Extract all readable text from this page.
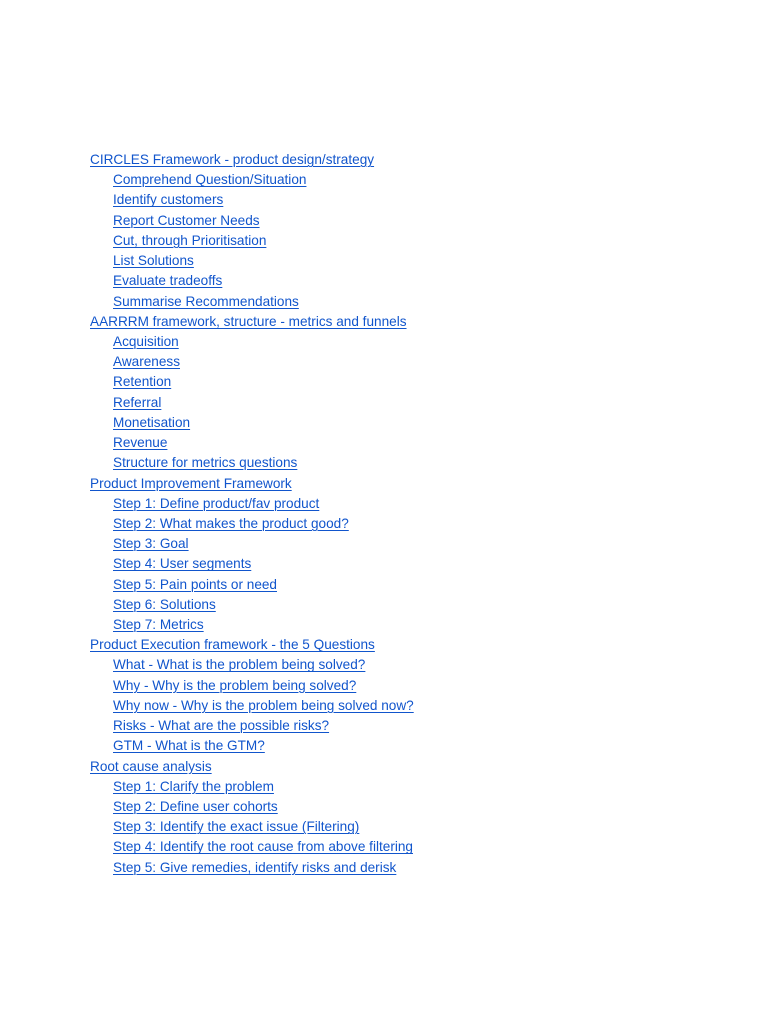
CIRCLES Framework - product design/strategy
Comprehend Question/Situation
Identify customers
Report Customer Needs
Cut, through Prioritisation
List Solutions
Evaluate tradeoffs
Summarise Recommendations
AARRRM framework, structure - metrics and funnels
Acquisition
Awareness
Retention
Referral
Monetisation
Revenue
Structure for metrics questions
Product Improvement Framework
Step 1: Define product/fav product
Step 2: What makes the product good?
Step 3: Goal
Step 4: User segments
Step 5: Pain points or need
Step 6: Solutions
Step 7: Metrics
Product Execution framework - the 5 Questions
What - What is the problem being solved?
Why - Why is the problem being solved?
Why now - Why is the problem being solved now?
Risks - What are the possible risks?
GTM - What is the GTM?
Root cause analysis
Step 1: Clarify the problem
Step 2: Define user cohorts
Step 3: Identify the exact issue (Filtering)
Step 4: Identify the root cause from above filtering
Step 5: Give remedies, identify risks and derisk
